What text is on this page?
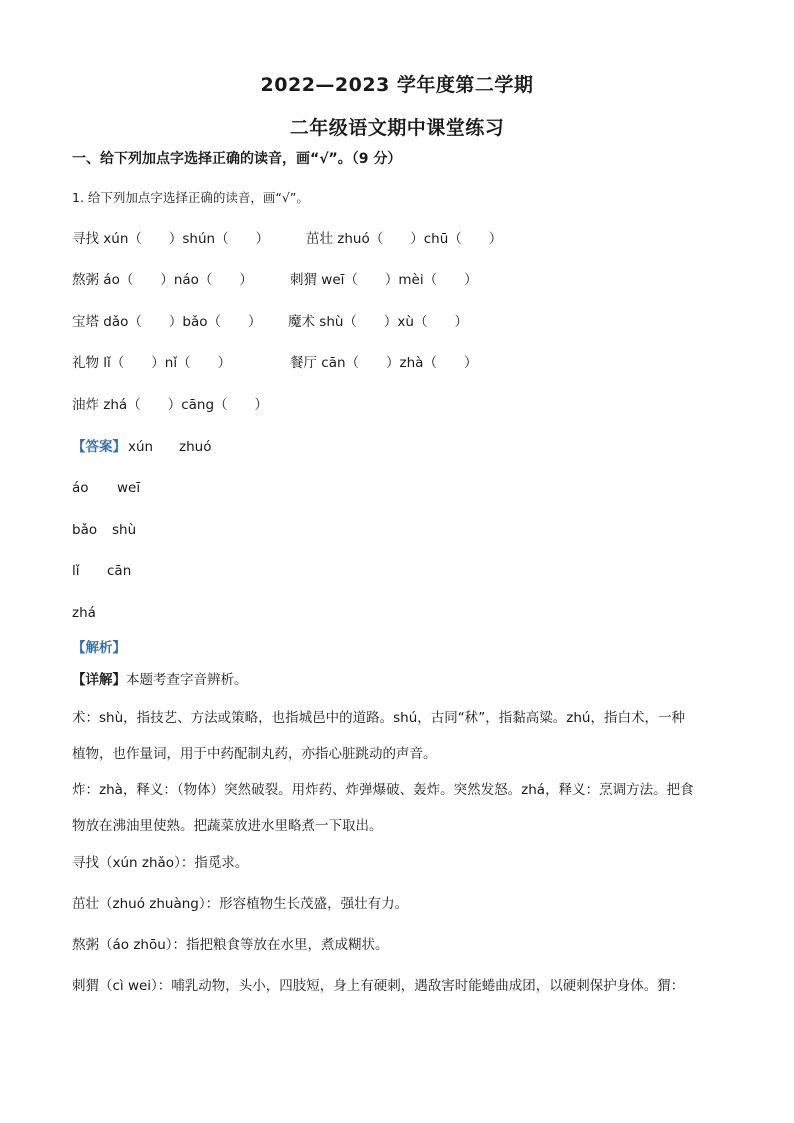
2022—2023 学年度第二学期
二年级语文期中课堂练习
一、给下列加点字选择正确的读音，画“√”。（9 分）
1. 给下列加点字选择正确的读音，画“√”。
寻找 xún（　　）shún（　　）	茁壮 zhuó（　　）chū（　　）
熬粥 áo（　　）náo（　　）	刺猬 weī（　　）mèi（　　）
宝塔 dǎo（　　）bǎo（　　） 魔术 shù（　　）xù（　　）
礼物 lǐ（　　）nǐ（　　）	餐厅 cān（　　）zhà（　　）
油炸 zhá（　　）cāng（　　）
【答案】 xún zhuó
áo weī
bǎo shù
lǐ cān
zhá
【解析】
【详解】本题考查字音辨析。
术：shù，指技艺、方法或策略，也指城邑中的道路。shú，古同“秫”，指黏高粱。zhú，指白术，一种
植物，也作量词，用于中药配制丸药，亦指心脏跳动的声音。
炸：zhà，释义：（物体）突然破裂。用炸药、炸弹爆破、轰炸。突然发怒。zhá，释义：烹调方法。把食
物放在沸油里使熟。把蔬菜放进水里略煮一下取出。
寻找（xún zhǎo）：指觅求。
茁壮（zhuó zhuàng）：形容植物生长茂盛，强壮有力。
熬粥（áo zhōu）：指把粮食等放在水里，煮成糊状。
刺猬（cì wei）：哺乳动物，头小，四肢短，身上有硬刺，遇敌害时能蜷曲成团，以硬刺保护身体。猬：
